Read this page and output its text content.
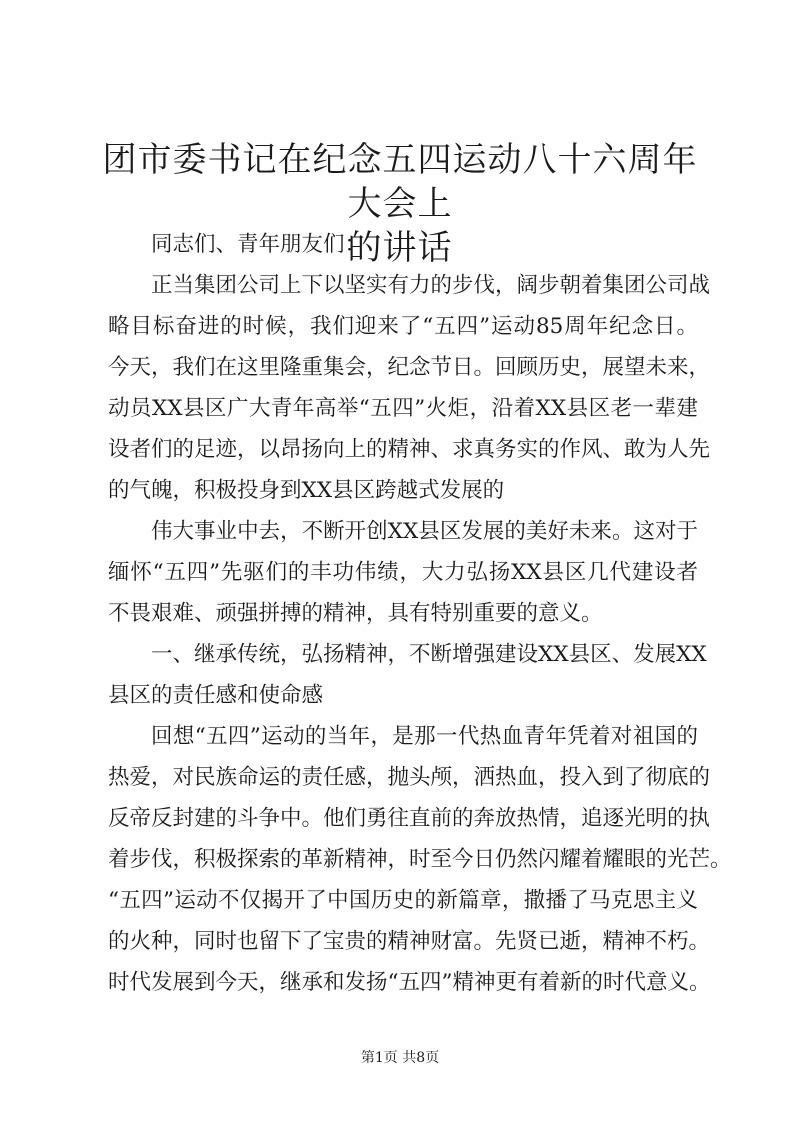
团市委书记在纪念五四运动八十六周年大会上
的讲话
同志们、青年朋友们：
正当集团公司上下以坚实有力的步伐，阔步朝着集团公司战
略目标奋进的时候，我们迎来了“五四”运动85周年纪念日。
今天，我们在这里隆重集会，纪念节日。回顾历史，展望未来，
动员XX县区广大青年高举“五四”火炬，沿着XX县区老一辈建
设者们的足迹，以昂扬向上的精神、求真务实的作风、敢为人先
的气魄，积极投身到XX县区跨越式发展的
伟大事业中去，不断开创XX县区发展的美好未来。这对于
缅怀“五四”先驱们的丰功伟绩，大力弘扬XX县区几代建设者
不畏艰难、顽强拼搏的精神，具有特别重要的意义。
一、继承传统，弘扬精神，不断增强建设XX县区、发展XX
县区的责任感和使命感
回想“五四”运动的当年，是那一代热血青年凭着对祖国的
热爱，对民族命运的责任感，抛头颅，洒热血，投入到了彻底的
反帝反封建的斗争中。他们勇往直前的奔放热情，追逐光明的执
着步伐，积极探索的革新精神，时至今日仍然闪耀着耀眼的光芒。
“五四”运动不仅揭开了中国历史的新篇章，撒播了马克思主义
的火种，同时也留下了宝贵的精神财富。先贤已逝，精神不朽。
时代发展到今天，继承和发扬“五四”精神更有着新的时代意义。
第1页 共8页
